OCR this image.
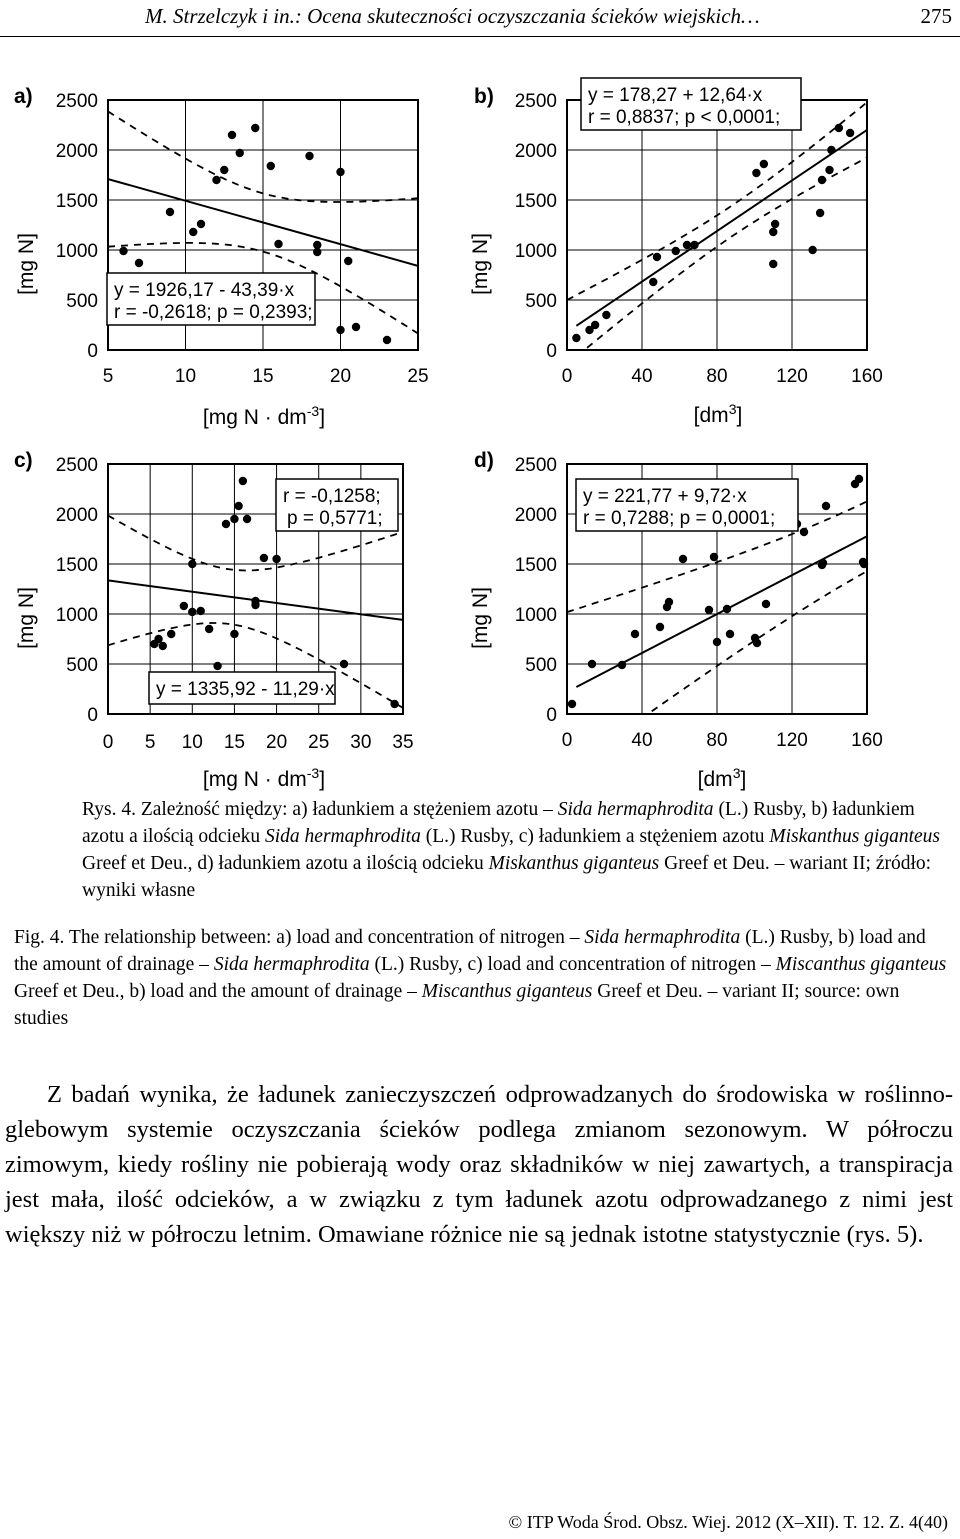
M. Strzelczyk i in.: Ocena skuteczności oczyszczania ścieków wiejskich…	275
a)
[mg N]
0
500
1000
1500
2000
2500
5	10	15	20	25
y = 1926,17 - 43,39·x
r = -0,2618; p = 0,2393;
[mg $N \cdot dm^{-3}$]
b)
[mg N]
0
500
1000
1500
2000
2500
0	40	80	120 160
y = 178,27 + 12,64·x
r = 0,8837; p < 0,0001;
$[dm^3]$
c)
[mg N]
0
500
1000
1500
2000
2500
0 5 10 15 20 25 30 35
r = -0,1258;
p = 0,5771;
y = 1335,92 - 11,29·x
[mg $N \cdot dm^{-3}$]
d)
[mg N]
0
500
1000
1500
2000
2500
0	40	80	120 160
y = 221,77 + 9,72·x
r = 0,7288; p = 0,0001;
$[dm^3]$
Rys. 4. Zależność między: a) ładunkiem a stężeniem azotu – Sida hermaphrodita (L.) Rusby, b) ładunkiem azotu a ilością odcieku Sida hermaphrodita (L.) Rusby, c) ładunkiem a stężeniem azotu Miskanthus giganteus Greef et Deu., d) ładunkiem azotu a ilością odcieku Miskanthus giganteus Greef et Deu. – wariant II; źródło: wyniki własne
Fig. 4. The relationship between: a) load and concentration of nitrogen – Sida hermaphrodita (L.) Rusby, b) load and the amount of drainage – Sida hermaphrodita (L.) Rusby, c) load and concentration of nitrogen – Miscanthus giganteus Greef et Deu., b) load and the amount of drainage – Miscanthus giganteus Greef et Deu. – variant II; source: own studies
Z badań wynika, że ładunek zanieczyszczeń odprowadzanych do środowiska w roślinno-glebowym systemie oczyszczania ścieków podlega zmianom sezonowym. W półroczu zimowym, kiedy rośliny nie pobierają wody oraz składników w niej zawartych, a transpiracja jest mała, ilość odcieków, a w związku z tym ładunek azotu odprowadzanego z nimi jest większy niż w półroczu letnim. Omawiane różnice nie są jednak istotne statystycznie (rys. 5).
© ITP Woda Środ. Obsz. Wiej. 2012 (X–XII). T. 12. Z. 4(40)
